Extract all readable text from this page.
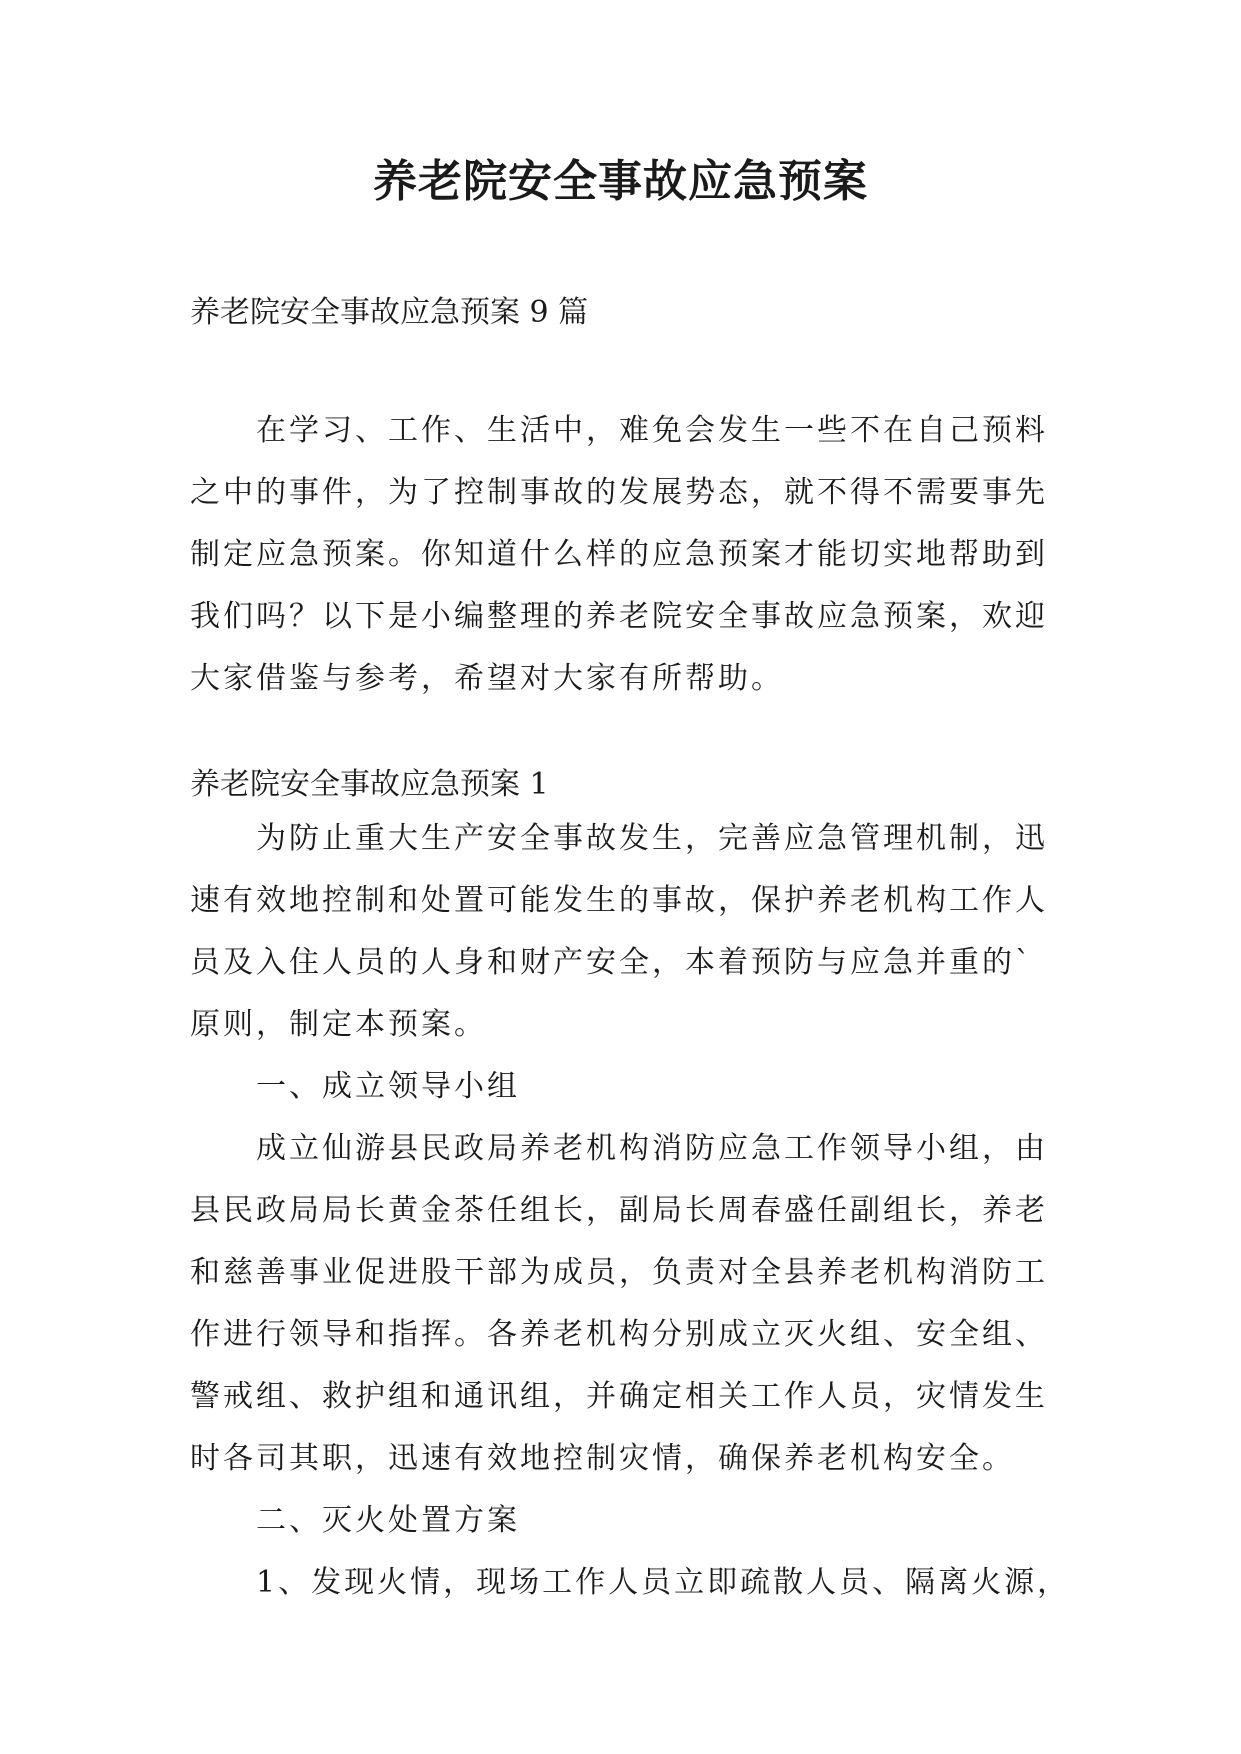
养老院安全事故应急预案
养老院安全事故应急预案 9 篇
在学习、工作、生活中，难免会发生一些不在自己预料
之中的事件，为了控制事故的发展势态，就不得不需要事先
制定应急预案。你知道什么样的应急预案才能切实地帮助到
我们吗？以下是小编整理的养老院安全事故应急预案，欢迎
大家借鉴与参考，希望对大家有所帮助。
养老院安全事故应急预案 1
为防止重大生产安全事故发生，完善应急管理机制，迅
速有效地控制和处置可能发生的事故，保护养老机构工作人
员及入住人员的人身和财产安全，本着预防与应急并重的`
原则，制定本预案。
一、成立领导小组
成立仙游县民政局养老机构消防应急工作领导小组，由
县民政局局长黄金茶任组长，副局长周春盛任副组长，养老
和慈善事业促进股干部为成员，负责对全县养老机构消防工
作进行领导和指挥。各养老机构分别成立灭火组、安全组、
警戒组、救护组和通讯组，并确定相关工作人员，灾情发生
时各司其职，迅速有效地控制灾情，确保养老机构安全。
二、灭火处置方案
1、发现火情，现场工作人员立即疏散人员、隔离火源，
